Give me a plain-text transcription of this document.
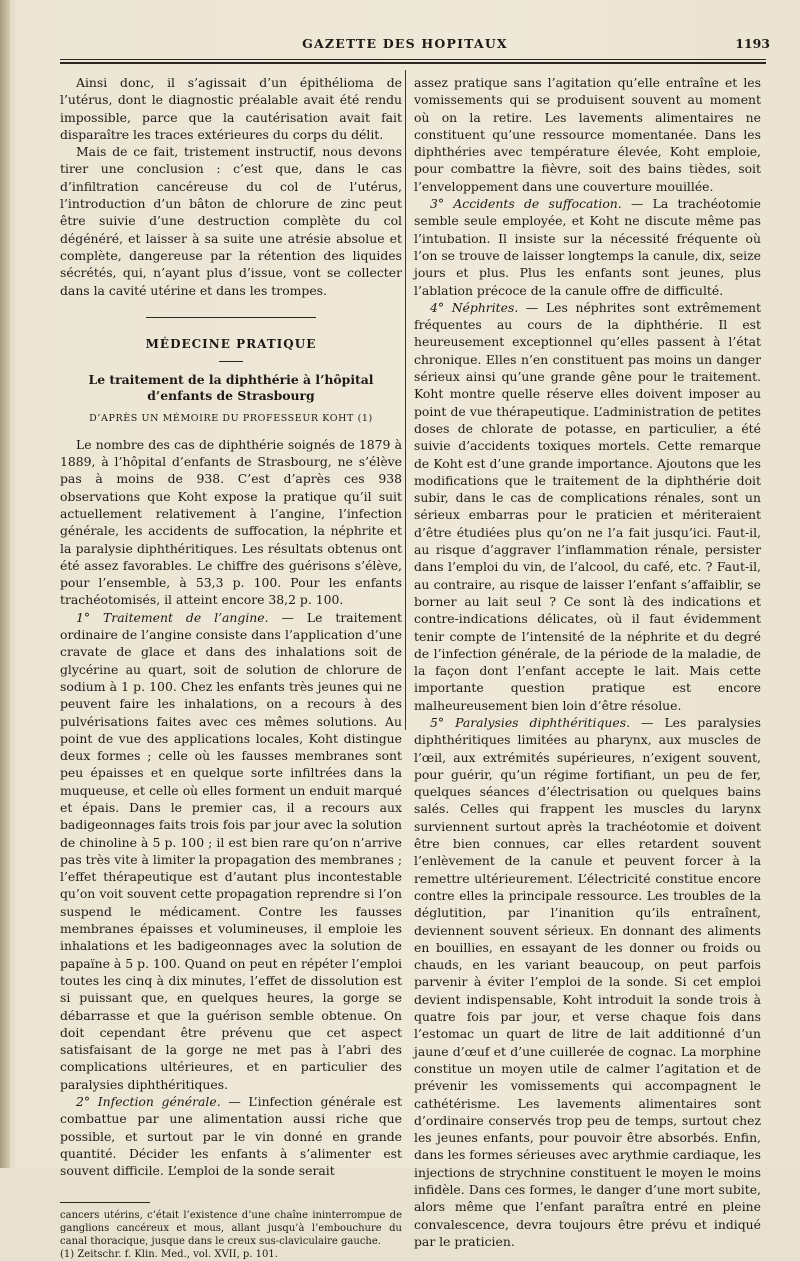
GAZETTE DES HOPITAUX	1193

Ainsi donc, il s’agissait d’un épithélioma de l’utérus, dont le diagnostic préalable avait été rendu impossible, parce que la cautérisation avait fait disparaître les traces extérieures du corps du délit.

Mais de ce fait, tristement instructif, nous devons tirer une conclusion : c’est que, dans le cas d’infiltration cancéreuse du col de l’utérus, l’introduction d’un bâton de chlorure de zinc peut être suivie d’une destruction complète du col dégénéré, et laisser à sa suite une atrésie absolue et complète, dangereuse par la rétention des liquides sécrétés, qui, n’ayant plus d’issue, vont se collecter dans la cavité utérine et dans les trompes.

MÉDECINE PRATIQUE
Le traitement de la diphthérie à l’hôpital d’enfants de Strasbourg
D’APRÈS UN MÉMOIRE DU PROFESSEUR KOHT (1)

Le nombre des cas de diphthérie soignés de 1879 à 1889, à l’hôpital d’enfants de Strasbourg, ne s’élève pas à moins de 938. C’est d’après ces 938 observations que Koht expose la pratique qu’il suit actuellement relativement à l’angine, l’infection générale, les accidents de suffocation, la néphrite et la paralysie diphthéritiques. Les résultats obtenus ont été assez favorables. Le chiffre des guérisons s’élève, pour l’ensemble, à 53,3 p. 100. Pour les enfants trachéotomisés, il atteint encore 38,2 p. 100.

1° Traitement de l’angine. — Le traitement ordinaire de l’angine consiste dans l’application d’une cravate de glace et dans des inhalations soit de glycérine au quart, soit de solution de chlorure de sodium à 1 p. 100. Chez les enfants très jeunes qui ne peuvent faire les inhalations, on a recours à des pulvérisations faites avec ces mêmes solutions. Au point de vue des applications locales, Koht distingue deux formes ; celle où les fausses membranes sont peu épaisses et en quelque sorte infiltrées dans la muqueuse, et celle où elles forment un enduit marqué et épais. Dans le premier cas, il a recours aux badigeonnages faits trois fois par jour avec la solution de chinoline à 5 p. 100 ; il est bien rare qu’on n’arrive pas très vite à limiter la propagation des membranes ; l’effet thérapeutique est d’autant plus incontestable qu’on voit souvent cette propagation reprendre si l’on suspend le médicament. Contre les fausses membranes épaisses et volumineuses, il emploie les inhalations et les badigeonnages avec la solution de papaïne à 5 p. 100. Quand on peut en répéter l’emploi toutes les cinq à dix minutes, l’effet de dissolution est si puissant que, en quelques heures, la gorge se débarrasse et que la guérison semble obtenue. On doit cependant être prévenu que cet aspect satisfaisant de la gorge ne met pas à l’abri des complications ultérieures, et en particulier des paralysies diphthéritiques.

2° Infection générale. — L’infection générale est combattue par une alimentation aussi riche que possible, et surtout par le vin donné en grande quantité. Décider les enfants à s’alimenter est souvent difficile. L’emploi de la sonde serait

cancers utérins, c’était l’existence d’une chaîne ininterrompue de ganglions cancéreux et mous, allant jusqu’à l’embouchure du canal thoracique, jusque dans le creux sus-claviculaire gauche.

(1) Zeitschr. f. Klin. Med., vol. XVII, p. 101.

assez pratique sans l’agitation qu’elle entraîne et les vomissements qui se produisent souvent au moment où on la retire. Les lavements alimentaires ne constituent qu’une ressource momentanée. Dans les diphthéries avec température élevée, Koht emploie, pour combattre la fièvre, soit des bains tièdes, soit l’enveloppement dans une couverture mouillée.

3° Accidents de suffocation. — La trachéotomie semble seule employée, et Koht ne discute même pas l’intubation. Il insiste sur la nécessité fréquente où l’on se trouve de laisser longtemps la canule, dix, seize jours et plus. Plus les enfants sont jeunes, plus l’ablation précoce de la canule offre de difficulté.

4° Néphrites. — Les néphrites sont extrêmement fréquentes au cours de la diphthérie. Il est heureusement exceptionnel qu’elles passent à l’état chronique. Elles n’en constituent pas moins un danger sérieux ainsi qu’une grande gêne pour le traitement. Koht montre quelle réserve elles doivent imposer au point de vue thérapeutique. L’administration de petites doses de chlorate de potasse, en particulier, a été suivie d’accidents toxiques mortels. Cette remarque de Koht est d’une grande importance. Ajoutons que les modifications que le traitement de la diphthérie doit subir, dans le cas de complications rénales, sont un sérieux embarras pour le praticien et mériteraient d’être étudiées plus qu’on ne l’a fait jusqu’ici. Faut-il, au risque d’aggraver l’inflammation rénale, persister dans l’emploi du vin, de l’alcool, du café, etc. ? Faut-il, au contraire, au risque de laisser l’enfant s’affaiblir, se borner au lait seul ? Ce sont là des indications et contre-indications délicates, où il faut évidemment tenir compte de l’intensité de la néphrite et du degré de l’infection générale, de la période de la maladie, de la façon dont l’enfant accepte le lait. Mais cette importante question pratique est encore malheureusement bien loin d’être résolue.

5° Paralysies diphthéritiques. — Les paralysies diphthéritiques limitées au pharynx, aux muscles de l’œil, aux extrémités supérieures, n’exigent souvent, pour guérir, qu’un régime fortifiant, un peu de fer, quelques séances d’électrisation ou quelques bains salés. Celles qui frappent les muscles du larynx surviennent surtout après la trachéotomie et doivent être bien connues, car elles retardent souvent l’enlèvement de la canule et peuvent forcer à la remettre ultérieurement. L’électricité constitue encore contre elles la principale ressource. Les troubles de la déglutition, par l’inanition qu’ils entraînent, deviennent souvent sérieux. En donnant des aliments en bouillies, en essayant de les donner ou froids ou chauds, en les variant beaucoup, on peut parfois parvenir à éviter l’emploi de la sonde. Si cet emploi devient indispensable, Koht introduit la sonde trois à quatre fois par jour, et verse chaque fois dans l’estomac un quart de litre de lait additionné d’un jaune d’œuf et d’une cuillerée de cognac. La morphine constitue un moyen utile de calmer l’agitation et de prévenir les vomissements qui accompagnent le cathétérisme. Les lavements alimentaires sont d’ordinaire conservés trop peu de temps, surtout chez les jeunes enfants, pour pouvoir être absorbés. Enfin, dans les formes sérieuses avec arythmie cardiaque, les injections de strychnine constituent le moyen le moins infidèle. Dans ces formes, le danger d’une mort subite, alors même que l’enfant paraîtra entré en pleine convalescence, devra toujours être prévu et indiqué par le praticien.
